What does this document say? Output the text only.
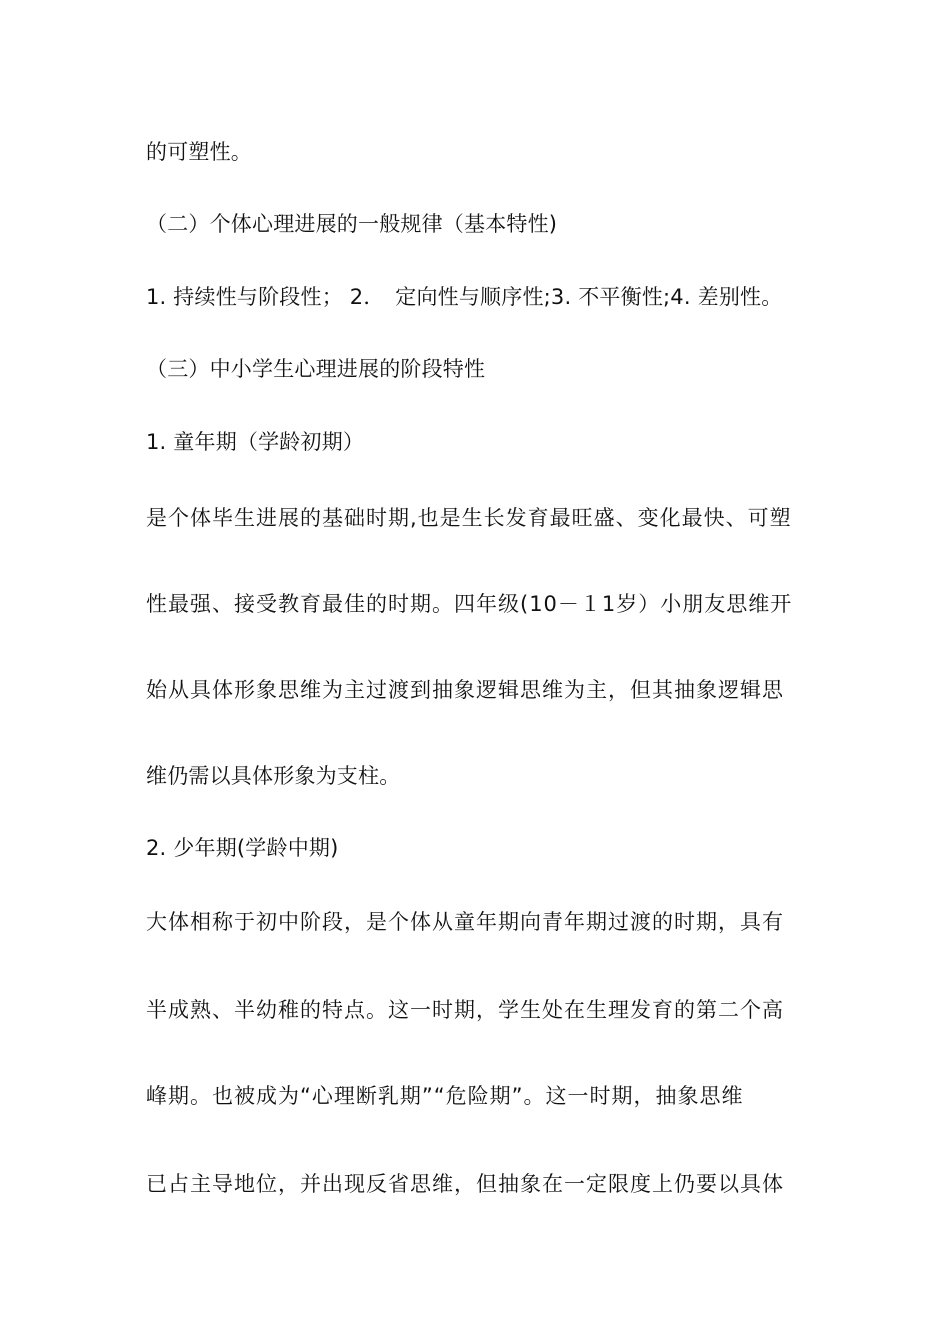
的可塑性。
（二）个体心理进展的一般规律（基本特性)
1. 持续性与阶段性； 2．　定向性与顺序性;3. 不平衡性;4. 差别性。
（三）中小学生心理进展的阶段特性
1. 童年期（学龄初期）
是个体毕生进展的基础时期,也是生长发育最旺盛、变化最快、可塑
性最强、接受教育最佳的时期。四年级(10－１1岁）小朋友思维开
始从具体形象思维为主过渡到抽象逻辑思维为主，但其抽象逻辑思
维仍需以具体形象为支柱。
2. 少年期(学龄中期)
大体相称于初中阶段，是个体从童年期向青年期过渡的时期，具有
半成熟、半幼稚的特点。这一时期，学生处在生理发育的第二个高
峰期。也被成为“心理断乳期”“危险期”。这一时期，抽象思维
已占主导地位，并出现反省思维，但抽象在一定限度上仍要以具体
